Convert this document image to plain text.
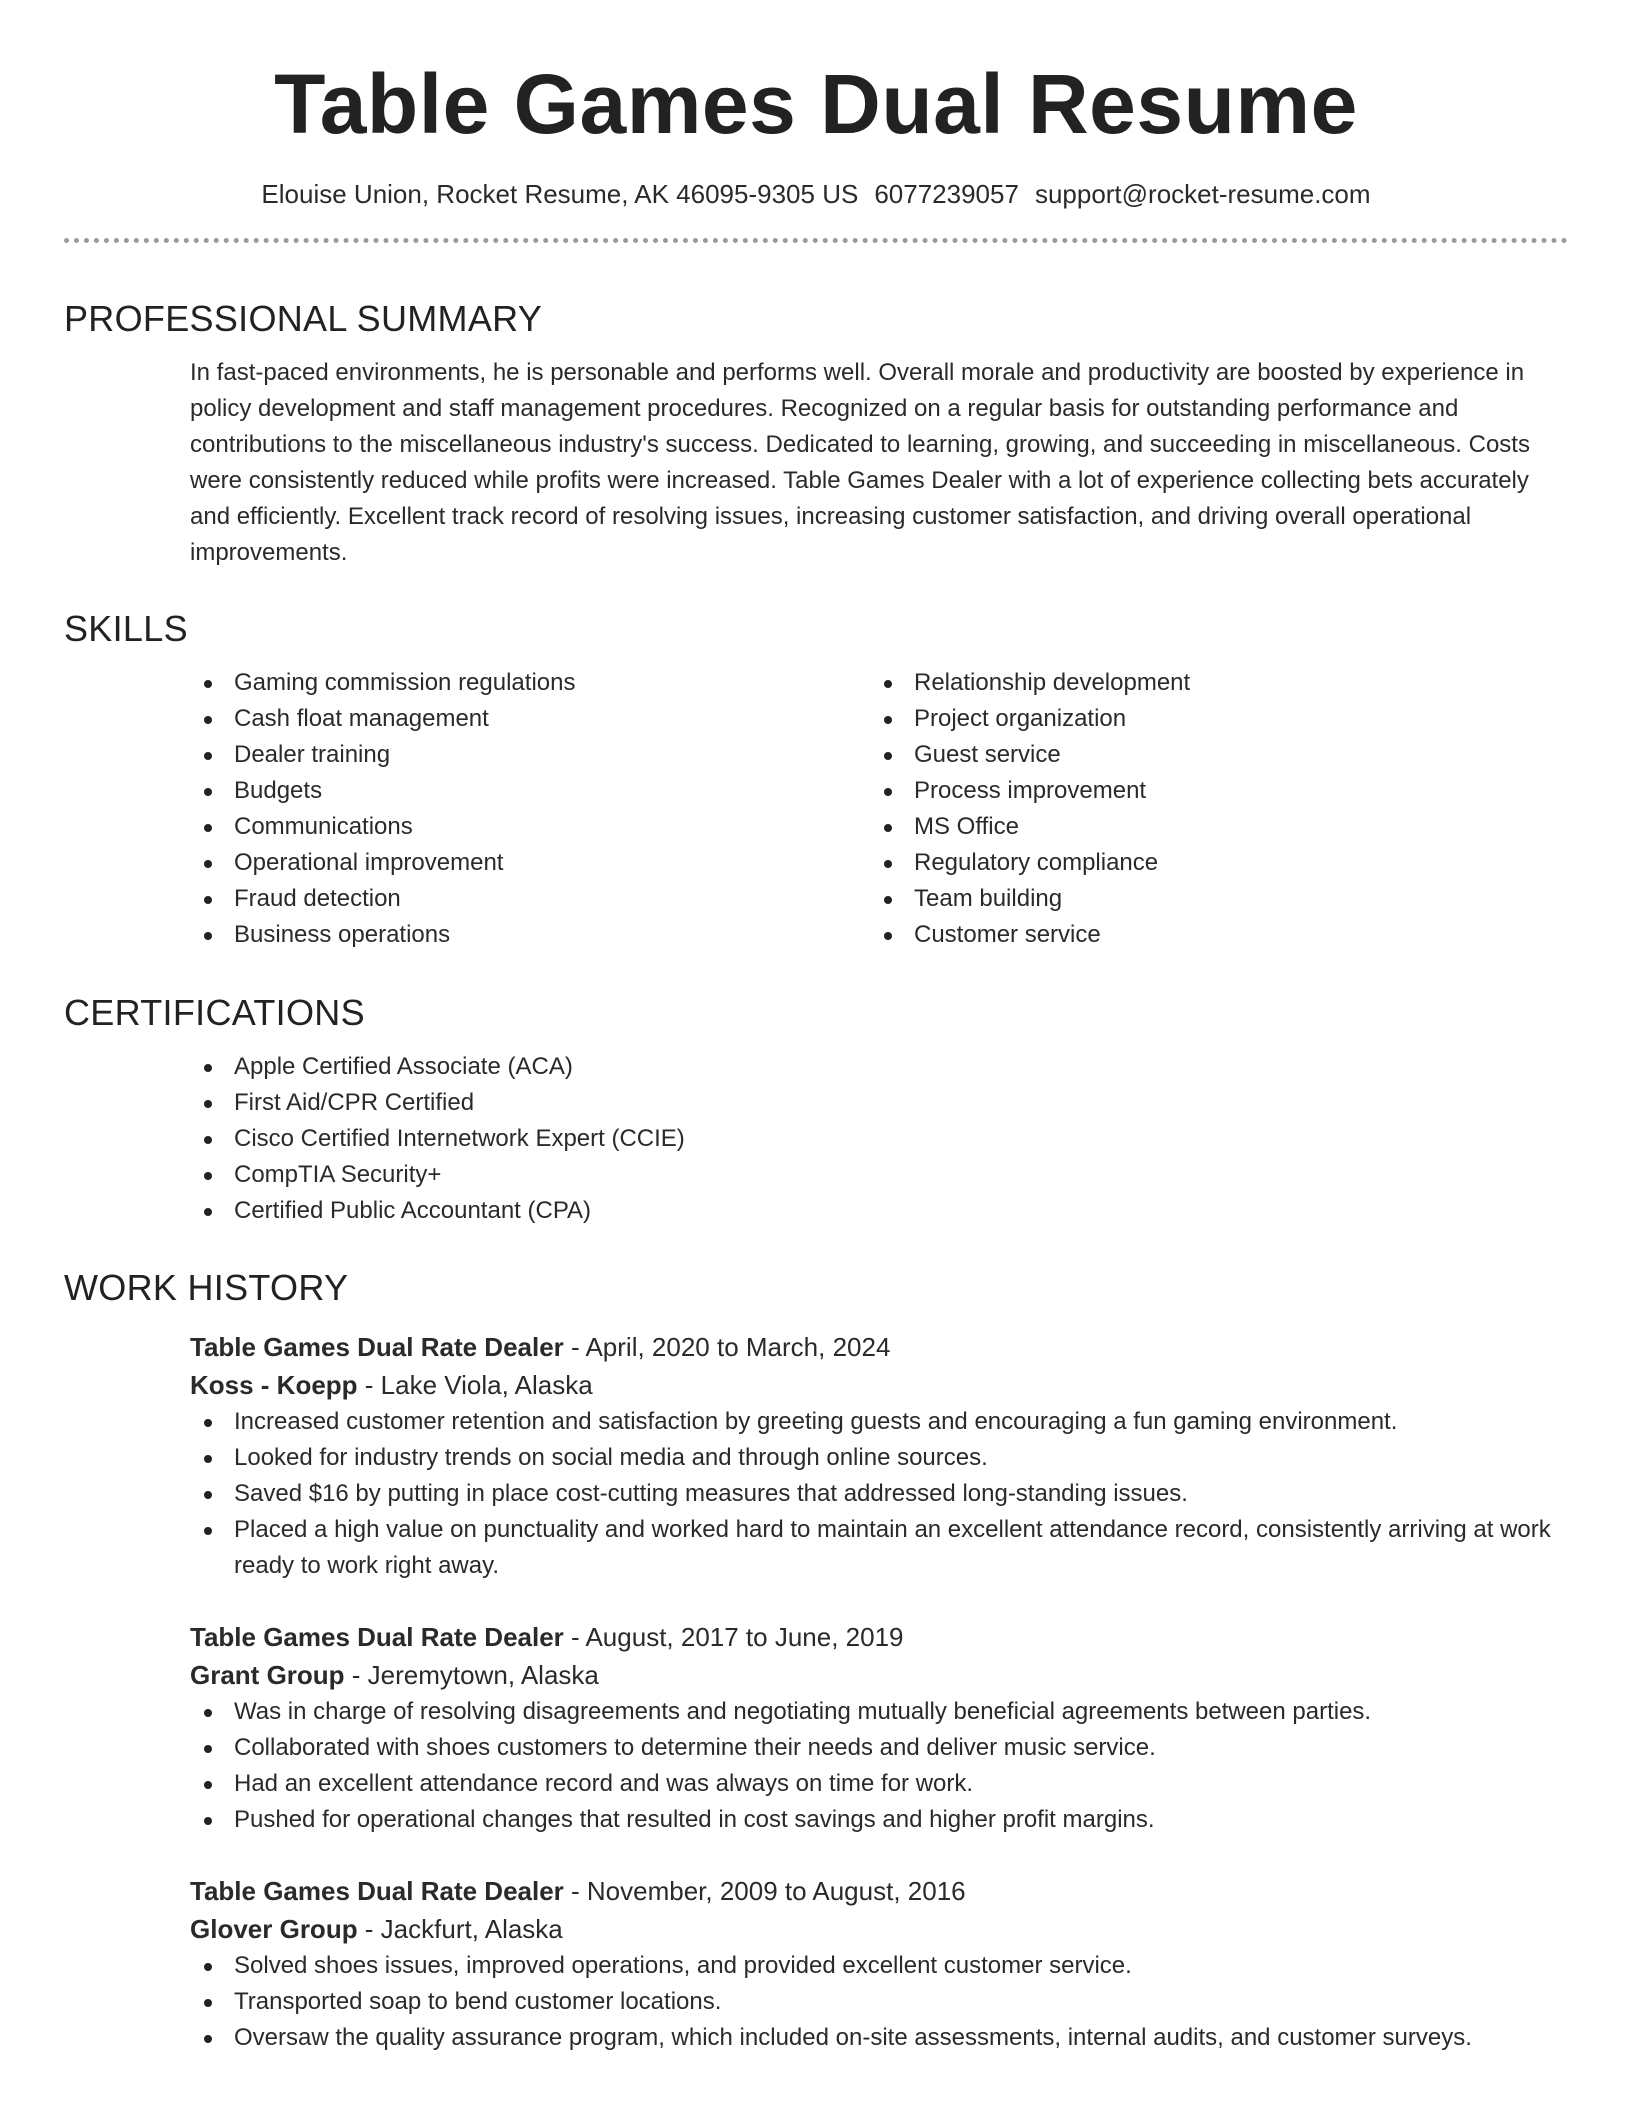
Table Games Dual Resume
Elouise Union, Rocket Resume, AK 46095-9305 US 6077239057 support@rocket-resume.com
PROFESSIONAL SUMMARY

In fast-paced environments, he is personable and performs well. Overall morale and productivity are boosted by experience in policy development and staff management procedures. Recognized on a regular basis for outstanding performance and contributions to the miscellaneous industry's success. Dedicated to learning, growing, and succeeding in miscellaneous. Costs were consistently reduced while profits were increased. Table Games Dealer with a lot of experience collecting bets accurately and efficiently. Excellent track record of resolving issues, increasing customer satisfaction, and driving overall operational improvements.

SKILLS
Gaming commission regulations
Cash float management
Dealer training
Budgets
Communications
Operational improvement
Fraud detection
Business operations
Relationship development
Project organization
Guest service
Process improvement
MS Office
Regulatory compliance
Team building
Customer service
CERTIFICATIONS
Apple Certified Associate (ACA)
First Aid/CPR Certified
Cisco Certified Internetwork Expert (CCIE)
CompTIA Security+
Certified Public Accountant (CPA)
WORK HISTORY
Table Games Dual Rate Dealer - April, 2020 to March, 2024
Koss - Koepp - Lake Viola, Alaska
Increased customer retention and satisfaction by greeting guests and encouraging a fun gaming environment.
Looked for industry trends on social media and through online sources.
Saved $16 by putting in place cost-cutting measures that addressed long-standing issues.
Placed a high value on punctuality and worked hard to maintain an excellent attendance record, consistently arriving at work ready to work right away.
Table Games Dual Rate Dealer - August, 2017 to June, 2019
Grant Group - Jeremytown, Alaska
Was in charge of resolving disagreements and negotiating mutually beneficial agreements between parties.
Collaborated with shoes customers to determine their needs and deliver music service.
Had an excellent attendance record and was always on time for work.
Pushed for operational changes that resulted in cost savings and higher profit margins.
Table Games Dual Rate Dealer - November, 2009 to August, 2016
Glover Group - Jackfurt, Alaska
Solved shoes issues, improved operations, and provided excellent customer service.
Transported soap to bend customer locations.
Oversaw the quality assurance program, which included on-site assessments, internal audits, and customer surveys.
